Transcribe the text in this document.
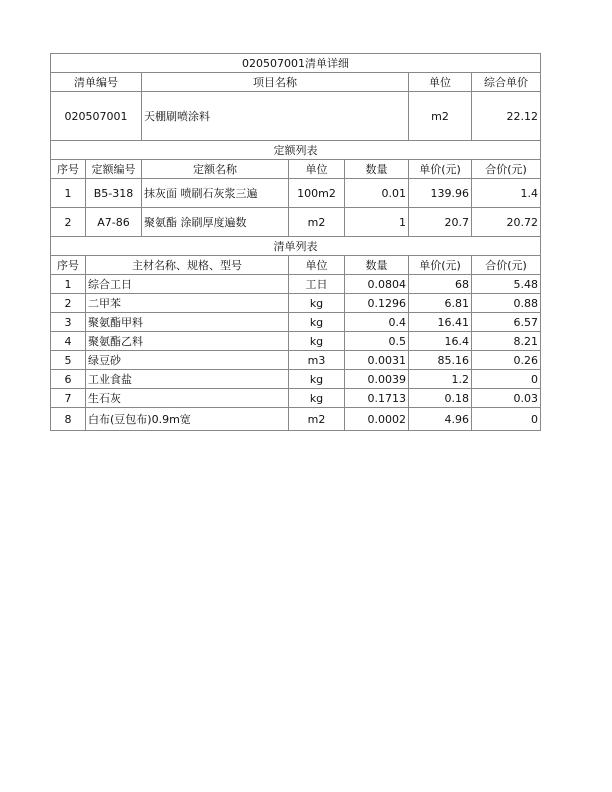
020507001清单详细						
清单编号		项目名称			单位	综合单价
020507001		天棚刷喷涂料			m2	22.12
定额列表						
序号	定额编号	定额名称	单位	数量	单价(元)	合价(元)
1	B5-318	抹灰面 喷刷石灰浆三遍	100m2	0.01	139.96	1.4
2	A7-86	聚氨酯 涂刷厚度遍数	m2	1	20.7	20.72
清单列表						
序号	主材名称、规格、型号		单位	数量	单价(元)	合价(元)
1	综合工日		工日	0.0804	68	5.48
2	二甲苯		kg	0.1296	6.81	0.88
3	聚氨酯甲料		kg	0.4	16.41	6.57
4	聚氨酯乙料		kg	0.5	16.4	8.21
5	绿豆砂		m3	0.0031	85.16	0.26
6	工业食盐		kg	0.0039	1.2	0
7	生石灰		kg	0.1713	0.18	0.03
8	白布(豆包布)0.9m宽		m2	0.0002	4.96	0
